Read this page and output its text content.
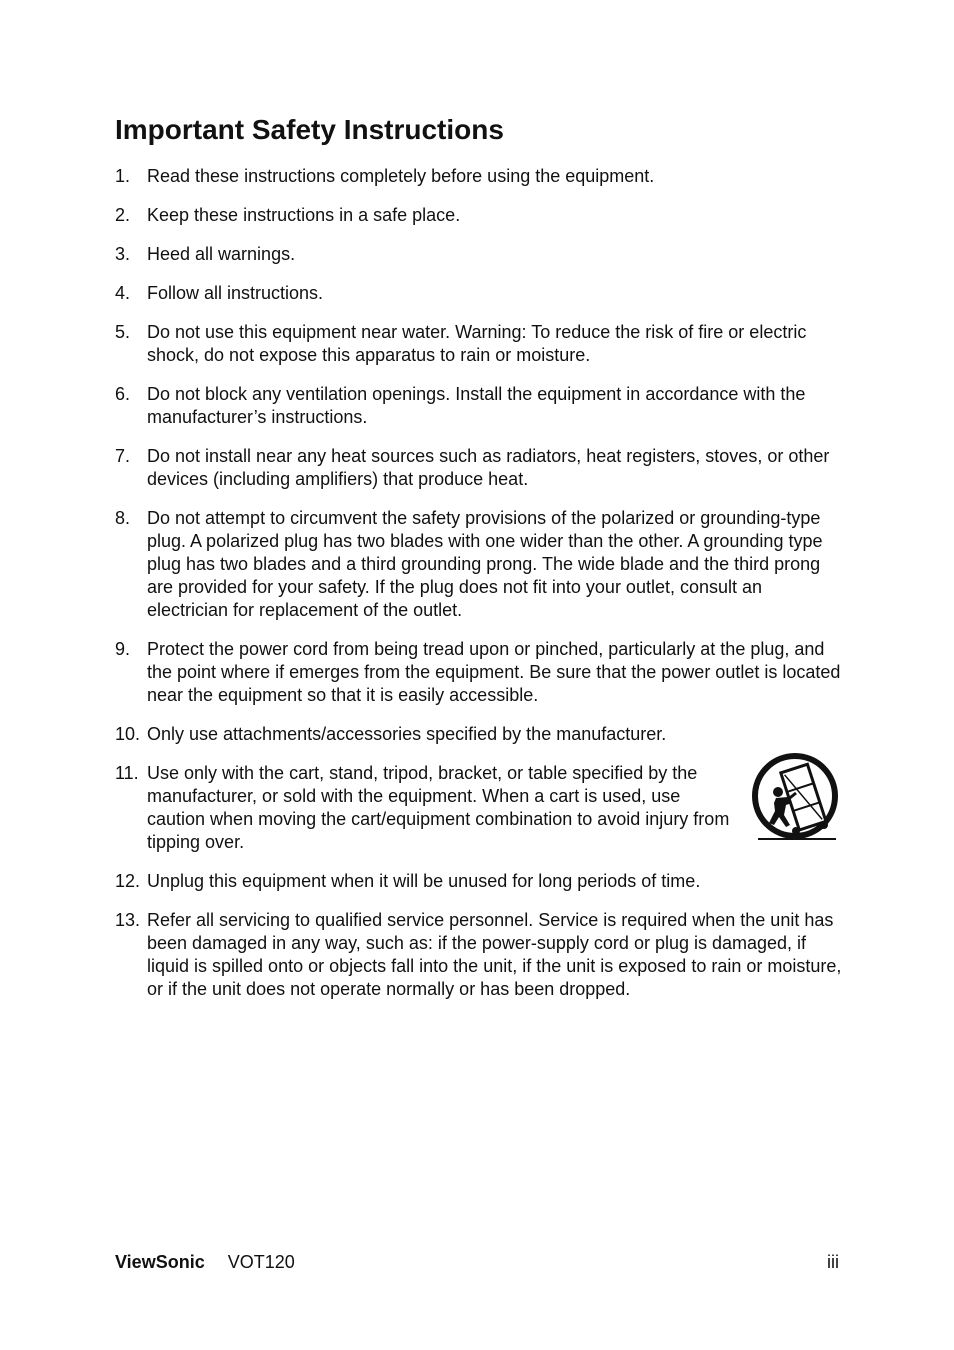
Important Safety Instructions
1. Read these instructions completely before using the equipment.
2. Keep these instructions in a safe place.
3. Heed all warnings.
4. Follow all instructions.
5. Do not use this equipment near water. Warning: To reduce the risk of fire or electric shock, do not expose this apparatus to rain or moisture.
6. Do not block any ventilation openings. Install the equipment in accordance with the manufacturer’s instructions.
7. Do not install near any heat sources such as radiators, heat registers, stoves, or other devices (including amplifiers) that produce heat.
8. Do not attempt to circumvent the safety provisions of the polarized or grounding-type plug. A polarized plug has two blades with one wider than the other. A grounding type plug has two blades and a third grounding prong. The wide blade and the third prong are provided for your safety. If the plug does not fit into your outlet, consult an electrician for replacement of the outlet.
9. Protect the power cord from being tread upon or pinched, particularly at the plug, and the point where if emerges from the equipment. Be sure that the power outlet is located near the equipment so that it is easily accessible.
10. Only use attachments/accessories specified by the manufacturer.
11. Use only with the cart, stand, tripod, bracket, or table specified by the manufacturer, or sold with the equipment. When a cart is used, use caution when moving the cart/equipment combination to avoid injury from tipping over.
12. Unplug this equipment when it will be unused for long periods of time.
13. Refer all servicing to qualified service personnel. Service is required when the unit has been damaged in any way, such as: if the power-supply cord or plug is damaged, if liquid is spilled onto or objects fall into the unit, if the unit is exposed to rain or moisture, or if the unit does not operate normally or has been dropped.
ViewSonic VOT120	iii
